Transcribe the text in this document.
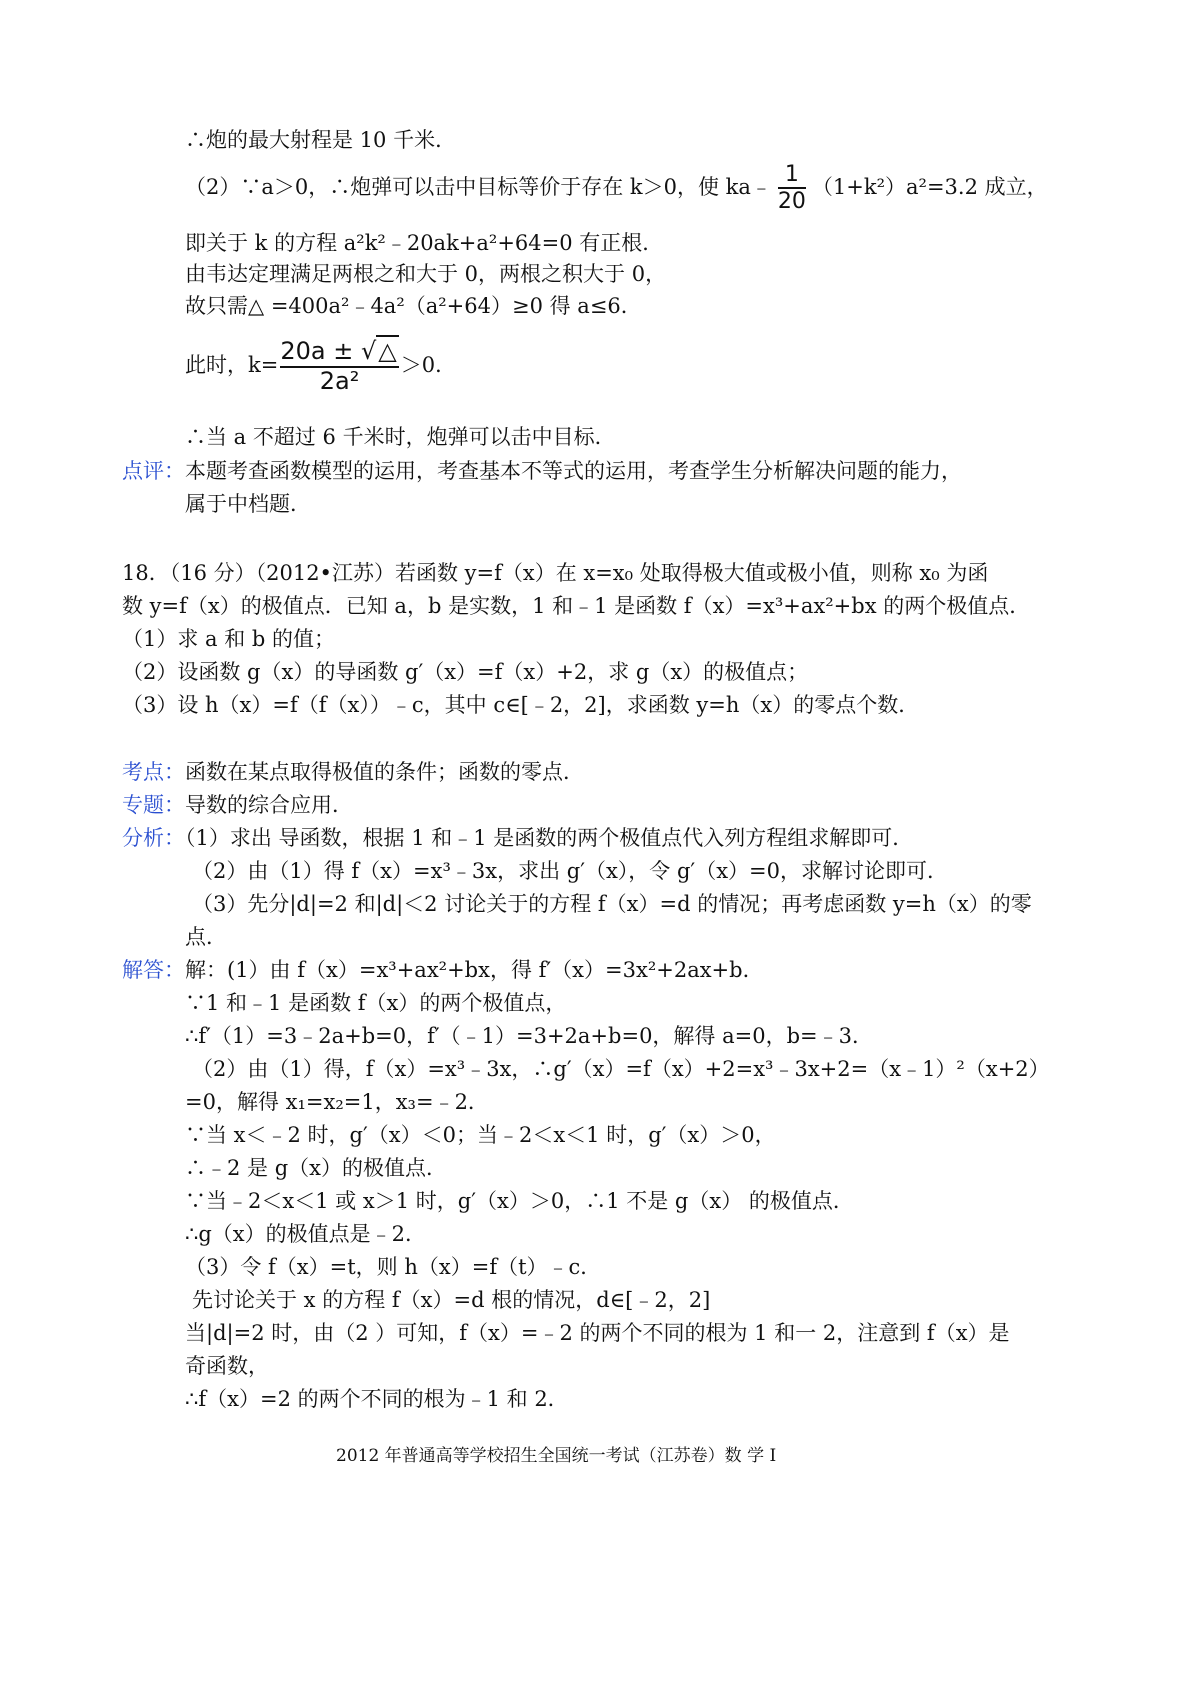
∴炮的最大射程是 10 千米．
（2）∵a＞0，∴炮弹可以击中目标等价于存在 k＞0，使 ka﹣ $\frac{1}{20} (1+k^2)a^2=3.2$ 成立，
即关于 k 的方程 a²k²﹣20ak+a²+64=0 有正根．
由韦达定理满足两根之和大于 0，两根之积大于 0，
故只需△ =400a²﹣4a²（a²+64）≥0 得 a≤6．
此时，$k= \frac{20a \pm √\triangle}{\text{2a²}} >0$．
∴当 a 不超过 6 千米时，炮弹可以击中目标．
点评：本题考查函数模型的运用，考查基本不等式的运用，考查学生分析解决问题的能力，
属于中档题．
18．（16 分）（2012•江苏）若函数 y=f（x）在 x=x₀ 处取得极大值或极小值，则称 x₀ 为函
数 y=f（x）的极值点．已知 a，b 是实数，1 和﹣1 是函数 f（x）=x³+ax²+bx 的两个极值点．
（1）求 a 和 b 的值；
（2）设函数 g（x）的导函数 g′（x）=f（x）+2，求 g（x）的极值点；
（3）设 h（x）=f（f（x））﹣c，其中 c∈[﹣2，2]，求函数 y=h（x）的零点个数．
考点：函数在某点取得极值的条件；函数的零点．
专题：导数的综合应用．
分析：（1）求出 导函数，根据 1 和﹣1 是函数的两个极值点代入列方程组求解即可．
（2）由（1）得 f（x）=x³﹣3x，求出 g′（x），令 g′（x）=0，求解讨论即可．
（3）先分|d|=2 和|d|＜2 讨论关于的方程 f（x）=d 的情况；再考虑函数 y=h（x）的零
点．
解答：解：(1）由 f（x）=x³+ax²+bx，得 f′（x）=3x²+2ax+b．
∵1 和﹣1 是函数 f（x）的两个极值点，
∴f′（1）=3﹣2a+b=0，f′（﹣1）=3+2a+b=0，解得 a=0，b=﹣3．
（2）由（1）得，f（x）=x³﹣3x，∴g′（x）=f（x）+2=x³﹣3x+2=（x﹣1）²（x+2）
=0，解得 x₁=x₂=1，x₃=﹣2．
∵当 x＜﹣2 时，g′（x）＜0；当﹣2＜x＜1 时，g′（x）＞0，
∴﹣2 是 g（x）的极值点．
∵当﹣2＜x＜1 或 x＞1 时，g′（x）＞0，∴1 不是 g（x） 的极值点．
∴g（x）的极值点是﹣2．
（3）令 f（x）=t，则 h（x）=f（t）﹣c．
先讨论关于 x 的方程 f（x）=d 根的情况，d∈[﹣2，2]
当|d|=2 时，由（2 ）可知，f（x）=﹣2 的两个不同的根为 1 和一 2，注意到 f（x）是
奇函数，
∴f（x）=2 的两个不同的根为﹣1 和 2．
2012 年普通高等学校招生全国统一考试（江苏卷）数 学 I
